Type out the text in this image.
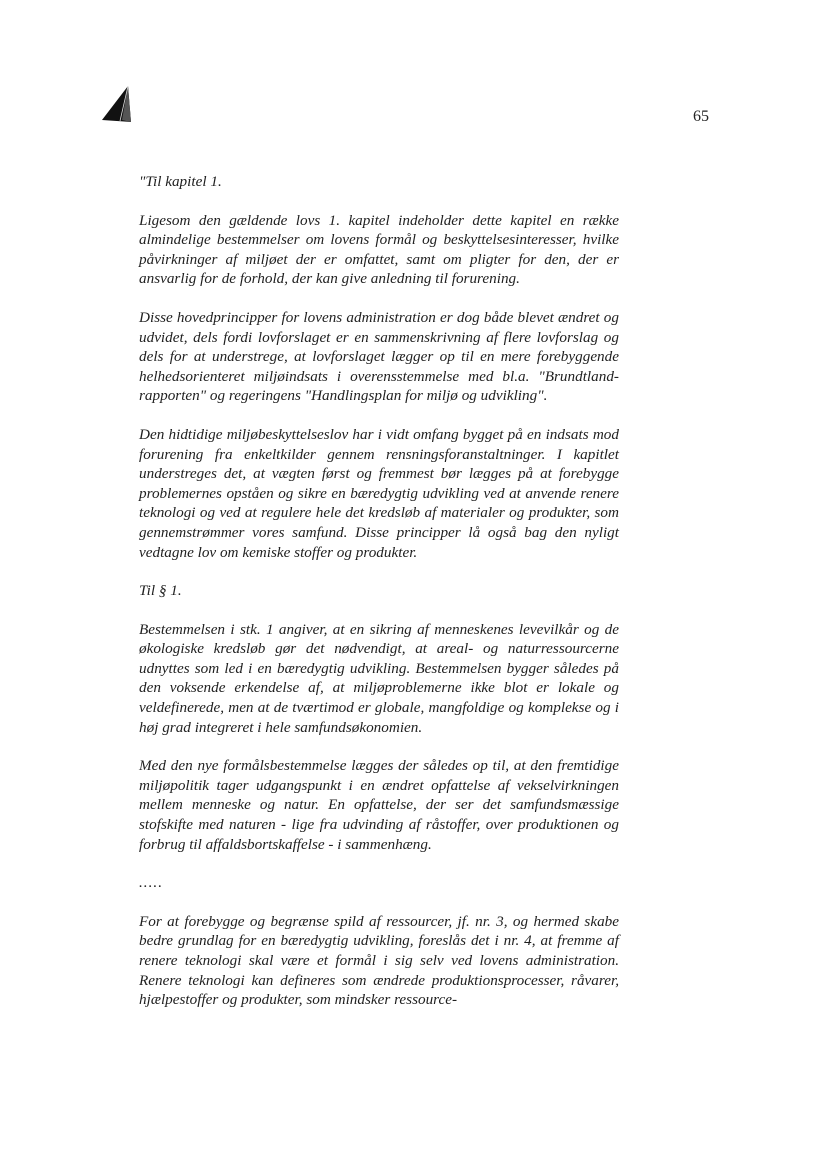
65

"Til kapitel 1.

Ligesom den gældende lovs 1. kapitel indeholder dette kapitel en række almindelige bestemmelser om lovens formål og beskyttelsesinteresser, hvilke påvirkninger af miljøet der er omfattet, samt om pligter for den, der er ansvarlig for de forhold, der kan give anledning til forurening.

Disse hovedprincipper for lovens administration er dog både blevet ændret og udvidet, dels fordi lovforslaget er en sammenskrivning af flere lovforslag og dels for at understrege, at lovforslaget lægger op til en mere forebyggende helhedsorienteret miljøindsats i overensstemmelse med bl.a. "Brundtland-rapporten" og regeringens "Handlingsplan for miljø og udvikling".

Den hidtidige miljøbeskyttelseslov har i vidt omfang bygget på en indsats mod forurening fra enkeltkilder gennem rensningsforanstaltninger. I kapitlet understreges det, at vægten først og fremmest bør lægges på at forebygge problemernes opståen og sikre en bæredygtig udvikling ved at anvende renere teknologi og ved at regulere hele det kredsløb af materialer og produkter, som gennemstrømmer vores samfund. Disse principper lå også bag den nyligt vedtagne lov om kemiske stoffer og produkter.

Til § 1.

Bestemmelsen i stk. 1 angiver, at en sikring af menneskenes levevilkår og de økologiske kredsløb gør det nødvendigt, at areal- og naturressourcerne udnyttes som led i en bæredygtig udvikling. Bestemmelsen bygger således på den voksende erkendelse af, at miljøproblemerne ikke blot er lokale og veldefinerede, men at de tværtimod er globale, mangfoldige og komplekse og i høj grad integreret i hele samfundsøkonomien.

Med den nye formålsbestemmelse lægges der således op til, at den fremtidige miljøpolitik tager udgangspunkt i en ændret opfattelse af vekselvirkningen mellem menneske og natur. En opfattelse, der ser det samfundsmæssige stofskifte med naturen - lige fra udvinding af råstoffer, over produktionen og forbrug til affaldsbortskaffelse - i sammenhæng.

.....

For at forebygge og begrænse spild af ressourcer, jf. nr. 3, og hermed skabe bedre grundlag for en bæredygtig udvikling, foreslås det i nr. 4, at fremme af renere teknologi skal være et formål i sig selv ved lovens administration. Renere teknologi kan defineres som ændrede produktionsprocesser, råvarer, hjælpestoffer og produkter, som mindsker ressource-
